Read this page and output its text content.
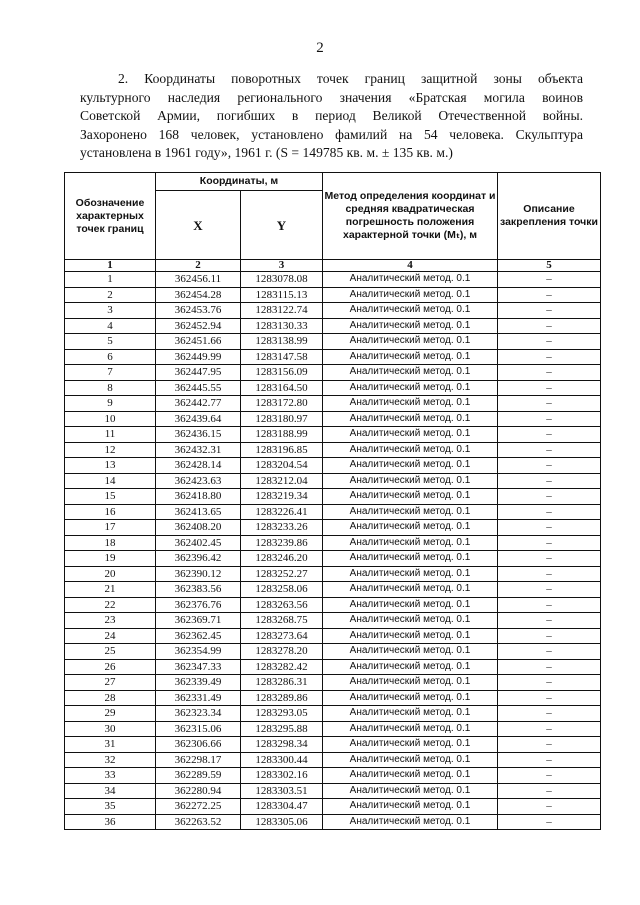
2
2. Координаты поворотных точек границ защитной зоны объекта
культурного наследия регионального значения «Братская могила воинов
Советской Армии, погибших в период Великой Отечественной войны.
Захоронено 168 человек, установлено фамилий на 54 человека. Скульптура
установлена в 1961 году», 1961 г. (S = 149785 кв. м. ± 135 кв. м.)
Обозначение характерных точек границ	Координаты, м		Метод определения координат и средняя квадратическая погрешность положения характерной точки (Mₜ), м	Описание закрепления точки
	X	Y		
1	2	3	4	5
1	362456.11	1283078.08	Аналитический метод. 0.1	–
2	362454.28	1283115.13	Аналитический метод. 0.1	–
3	362453.76	1283122.74	Аналитический метод. 0.1	–
4	362452.94	1283130.33	Аналитический метод. 0.1	–
5	362451.66	1283138.99	Аналитический метод. 0.1	–
6	362449.99	1283147.58	Аналитический метод. 0.1	–
7	362447.95	1283156.09	Аналитический метод. 0.1	–
8	362445.55	1283164.50	Аналитический метод. 0.1	–
9	362442.77	1283172.80	Аналитический метод. 0.1	–
10	362439.64	1283180.97	Аналитический метод. 0.1	–
11	362436.15	1283188.99	Аналитический метод. 0.1	–
12	362432.31	1283196.85	Аналитический метод. 0.1	–
13	362428.14	1283204.54	Аналитический метод. 0.1	–
14	362423.63	1283212.04	Аналитический метод. 0.1	–
15	362418.80	1283219.34	Аналитический метод. 0.1	–
16	362413.65	1283226.41	Аналитический метод. 0.1	–
17	362408.20	1283233.26	Аналитический метод. 0.1	–
18	362402.45	1283239.86	Аналитический метод. 0.1	–
19	362396.42	1283246.20	Аналитический метод. 0.1	–
20	362390.12	1283252.27	Аналитический метод. 0.1	–
21	362383.56	1283258.06	Аналитический метод. 0.1	–
22	362376.76	1283263.56	Аналитический метод. 0.1	–
23	362369.71	1283268.75	Аналитический метод. 0.1	–
24	362362.45	1283273.64	Аналитический метод. 0.1	–
25	362354.99	1283278.20	Аналитический метод. 0.1	–
26	362347.33	1283282.42	Аналитический метод. 0.1	–
27	362339.49	1283286.31	Аналитический метод. 0.1	–
28	362331.49	1283289.86	Аналитический метод. 0.1	–
29	362323.34	1283293.05	Аналитический метод. 0.1	–
30	362315.06	1283295.88	Аналитический метод. 0.1	–
31	362306.66	1283298.34	Аналитический метод. 0.1	–
32	362298.17	1283300.44	Аналитический метод. 0.1	–
33	362289.59	1283302.16	Аналитический метод. 0.1	–
34	362280.94	1283303.51	Аналитический метод. 0.1	–
35	362272.25	1283304.47	Аналитический метод. 0.1	–
36	362263.52	1283305.06	Аналитический метод. 0.1	–
